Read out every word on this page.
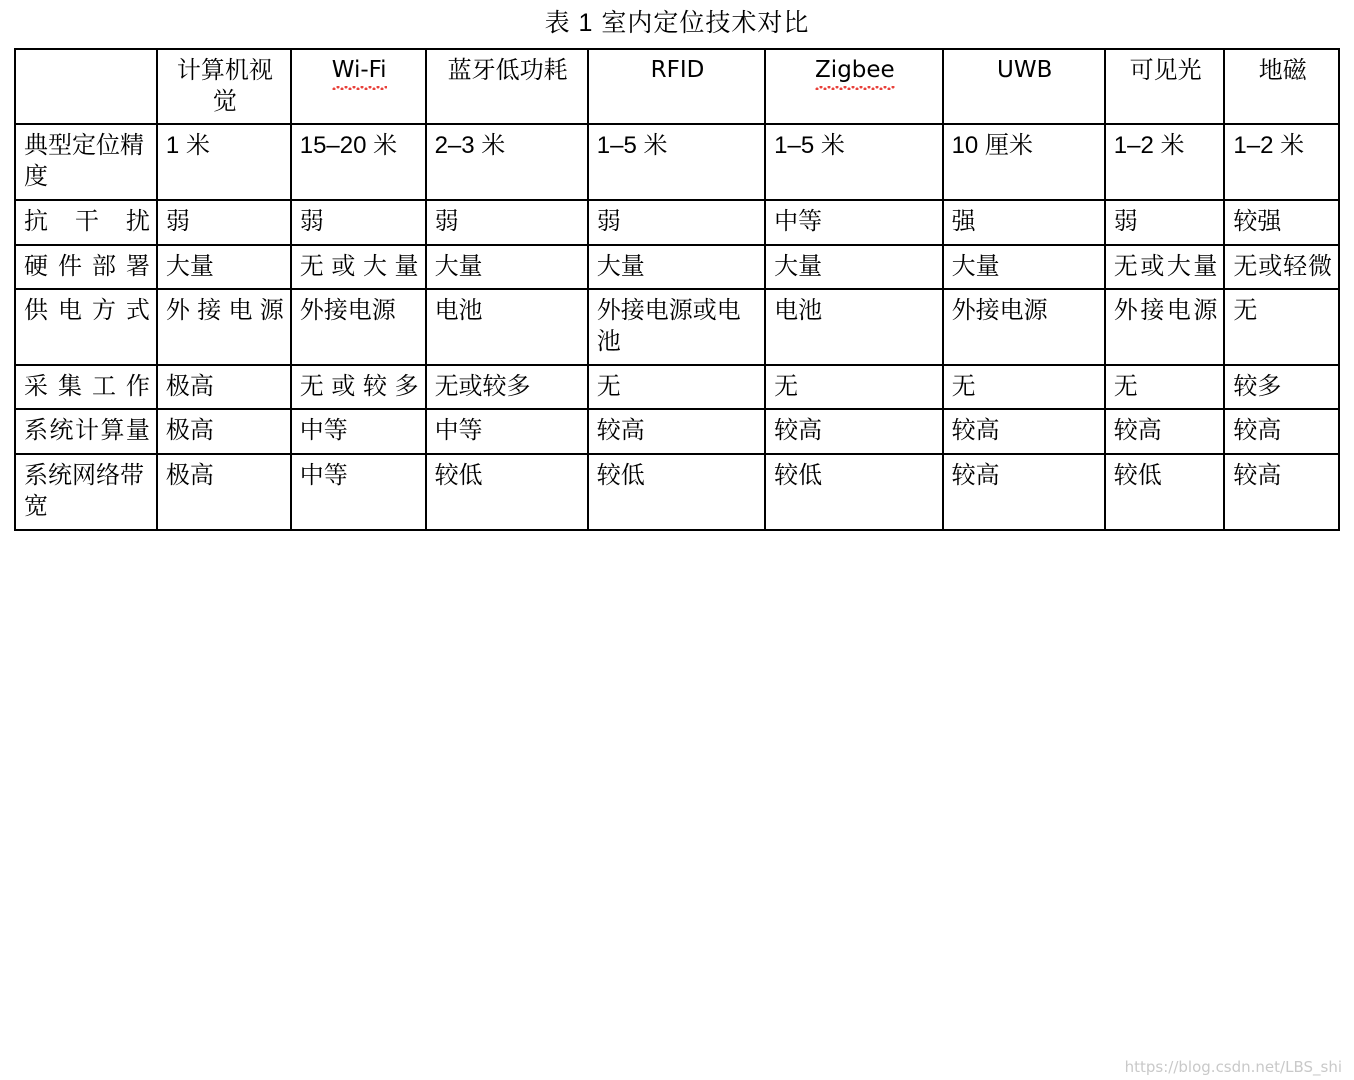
表 1 室内定位技术对比

	计算机视觉	Wi-Fi	蓝牙低功耗	RFID	Zigbee	UWB	可见光	地磁

典型定位精度	1 米	15–20 米	2–3 米	1–5 米	1–5 米	10 厘米	1–2 米	1–2 米
抗干扰	弱	弱	弱	弱	中等	强	弱	较强
硬件部署	大量	无或大量	大量	大量	大量	大量	无或大量	无或轻微
供电方式	外接电源	外接电源	电池	外接电源或电池	电池	外接电源	外接电源	无
采集工作	极高	无或较多	无或较多	无	无	无	无	较多
系统计算量	极高	中等	中等	较高	较高	较高	较高	较高
系统网络带宽	极高	中等	较低	较低	较低	较高	较低	较高
https://blog.csdn.net/LBS_shi
